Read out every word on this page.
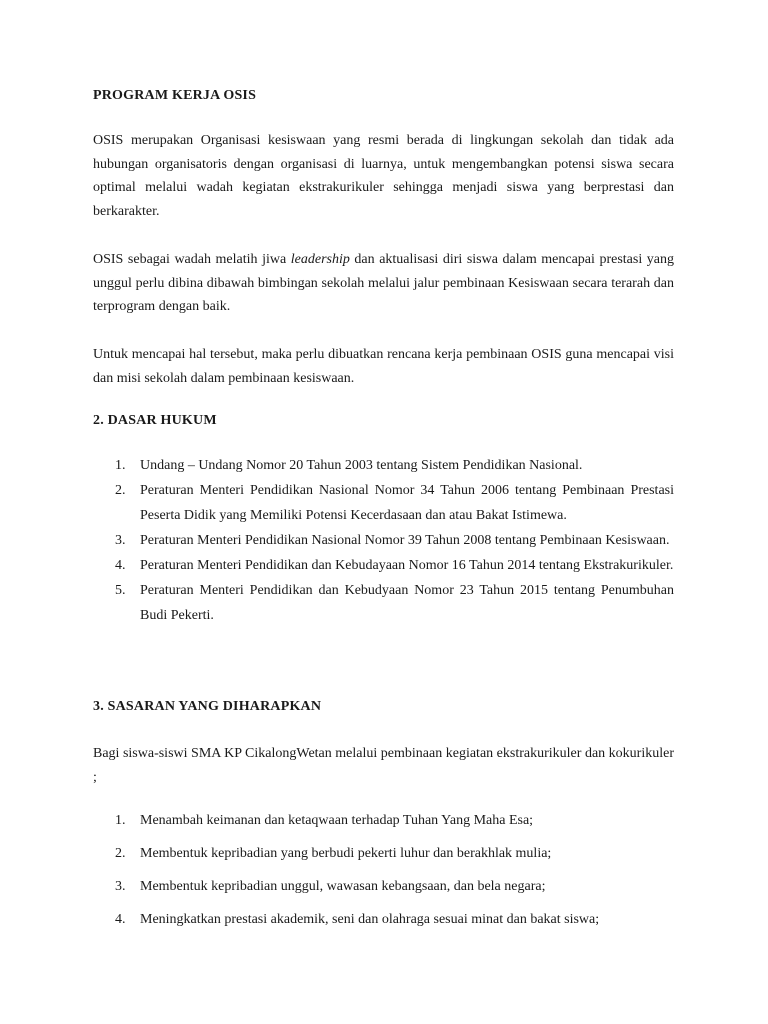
PROGRAM KERJA OSIS

OSIS merupakan Organisasi kesiswaan yang resmi berada di lingkungan sekolah dan tidak ada hubungan organisatoris dengan organisasi di luarnya, untuk mengembangkan potensi siswa secara optimal melalui wadah kegiatan ekstrakurikuler sehingga menjadi siswa yang berprestasi dan berkarakter.

OSIS sebagai wadah melatih jiwa leadership dan aktualisasi diri siswa dalam mencapai prestasi yang unggul perlu dibina dibawah bimbingan sekolah melalui jalur pembinaan Kesiswaan secara terarah dan terprogram dengan baik.

Untuk mencapai hal tersebut, maka perlu dibuatkan rencana kerja pembinaan OSIS guna mencapai visi dan misi sekolah dalam pembinaan kesiswaan.

2. DASAR HUKUM
1. Undang – Undang Nomor 20 Tahun 2003 tentang Sistem Pendidikan Nasional.
2. Peraturan Menteri Pendidikan Nasional Nomor 34 Tahun 2006 tentang Pembinaan Prestasi Peserta Didik yang Memiliki Potensi Kecerdasaan dan atau Bakat Istimewa.
3. Peraturan Menteri Pendidikan Nasional Nomor 39 Tahun 2008 tentang Pembinaan Kesiswaan.
4. Peraturan Menteri Pendidikan dan Kebudayaan Nomor 16 Tahun 2014 tentang Ekstrakurikuler.
5. Peraturan Menteri Pendidikan dan Kebudyaan Nomor 23 Tahun 2015 tentang Penumbuhan Budi Pekerti.
3. SASARAN YANG DIHARAPKAN

Bagi siswa-siswi SMA KP CikalongWetan melalui pembinaan kegiatan ekstrakurikuler dan kokurikuler ;

1. Menambah keimanan dan ketaqwaan terhadap Tuhan Yang Maha Esa;
2. Membentuk kepribadian yang berbudi pekerti luhur dan berakhlak mulia;
3. Membentuk kepribadian unggul, wawasan kebangsaan, dan bela negara;
4. Meningkatkan prestasi akademik, seni dan olahraga sesuai minat dan bakat siswa;
